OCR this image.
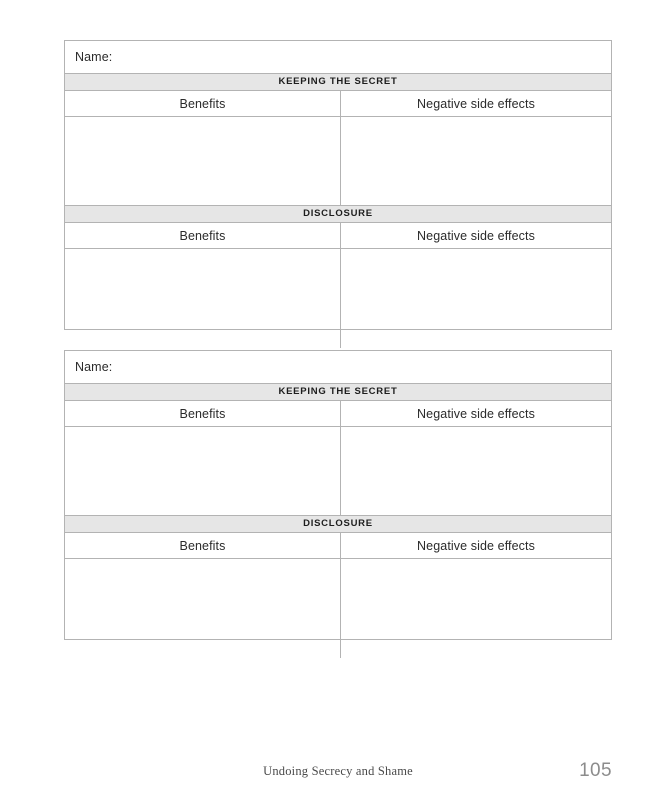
Name:
KEEPING THE SECRET
Benefits	Negative side effects
DISCLOSURE
Benefits	Negative side effects
Name:
KEEPING THE SECRET
Benefits	Negative side effects
DISCLOSURE
Benefits	Negative side effects
Undoing Secrecy and Shame	105
